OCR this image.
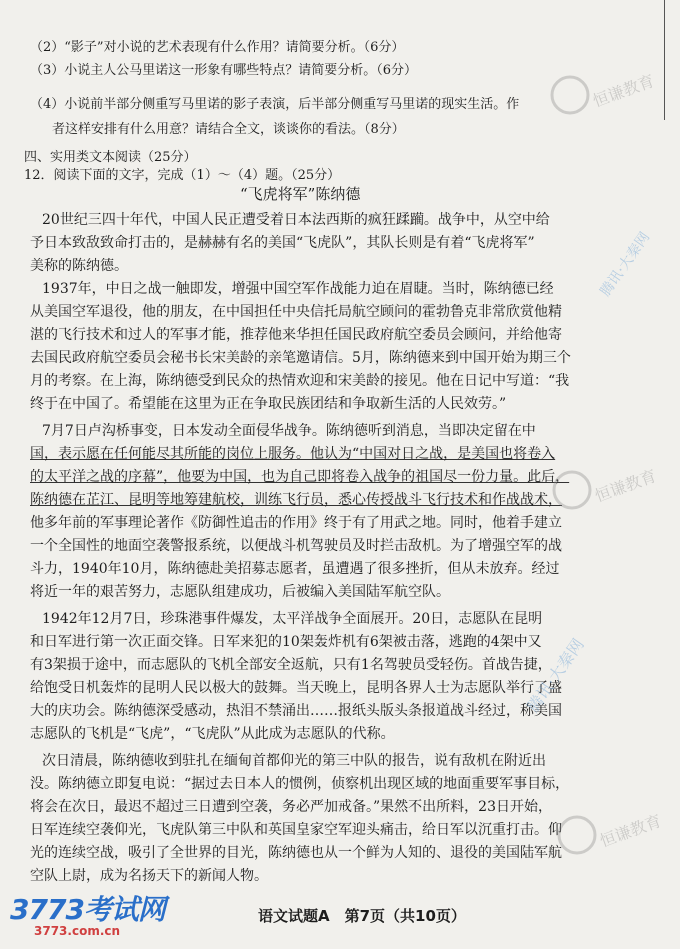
（2）“影子”对小说的艺术表现有什么作用？请简要分析。（6分）
（3）小说主人公马里诺这一形象有哪些特点？请简要分析。（6分）
（4）小说前半部分侧重写马里诺的影子表演，后半部分侧重写马里诺的现实生活。作
者这样安排有什么用意？请结合全文，谈谈你的看法。（8分）
四、实用类文本阅读（25分）
12．阅读下面的文字，完成（1）～（4）题。（25分）
“飞虎将军”陈纳德
20世纪三四十年代，中国人民正遭受着日本法西斯的疯狂蹂躏。战争中，从空中给
予日本致敌致命打击的，是赫赫有名的美国“飞虎队”，其队长则是有着“飞虎将军”
美称的陈纳德。
1937年，中日之战一触即发，增强中国空军作战能力迫在眉睫。当时，陈纳德已经
从美国空军退役，他的朋友，在中国担任中央信托局航空顾问的霍勃鲁克非常欣赏他精
湛的飞行技术和过人的军事才能，推荐他来华担任国民政府航空委员会顾问，并给他寄
去国民政府航空委员会秘书长宋美龄的亲笔邀请信。5月，陈纳德来到中国开始为期三个
月的考察。在上海，陈纳德受到民众的热情欢迎和宋美龄的接见。他在日记中写道：“我
终于在中国了。希望能在这里为正在争取民族团结和争取新生活的人民效劳。”
7月7日卢沟桥事变，日本发动全面侵华战争。陈纳德听到消息，当即决定留在中
国，表示愿在任何能尽其所能的岗位上服务。他认为“中国对日之战，是美国也将卷入
的太平洋之战的序幕”，他要为中国，也为自己即将卷入战争的祖国尽一份力量。此后，
陈纳德在芷江、昆明等地筹建航校，训练飞行员，悉心传授战斗飞行技术和作战战术，
他多年前的军事理论著作《防御性追击的作用》终于有了用武之地。同时，他着手建立
一个全国性的地面空袭警报系统，以便战斗机驾驶员及时拦击敌机。为了增强空军的战
斗力，1940年10月，陈纳德赴美招募志愿者，虽遭遇了很多挫折，但从未放弃。经过
将近一年的艰苦努力，志愿队组建成功，后被编入美国陆军航空队。
1942年12月7日，珍珠港事件爆发，太平洋战争全面展开。20日，志愿队在昆明
和日军进行第一次正面交锋。日军来犯的10架轰炸机有6架被击落，逃跑的4架中又
有3架损于途中，而志愿队的飞机全部安全返航，只有1名驾驶员受轻伤。首战告捷，
给饱受日机轰炸的昆明人民以极大的鼓舞。当天晚上，昆明各界人士为志愿队举行了盛
大的庆功会。陈纳德深受感动，热泪不禁涌出……报纸头版头条报道战斗经过，称美国
志愿队的飞机是“飞虎”，“飞虎队”从此成为志愿队的代称。
次日清晨，陈纳德收到驻扎在缅甸首都仰光的第三中队的报告，说有敌机在附近出
没。陈纳德立即复电说：“据过去日本人的惯例，侦察机出现区域的地面重要军事目标，
将会在次日，最迟不超过三日遭到空袭，务必严加戒备。”果然不出所料，23日开始，
日军连续空袭仰光，飞虎队第三中队和英国皇家空军迎头痛击，给日军以沉重打击。仰
光的连续空战，吸引了全世界的目光，陈纳德也从一个鲜为人知的、退役的美国陆军航
空队上尉，成为名扬天下的新闻人物。
恒谦教育
恒谦教育
恒谦教育
腾讯·大秦网
腾讯·大秦网
3773考试网
3773.com.cn
语文试题A　第7页（共10页）
